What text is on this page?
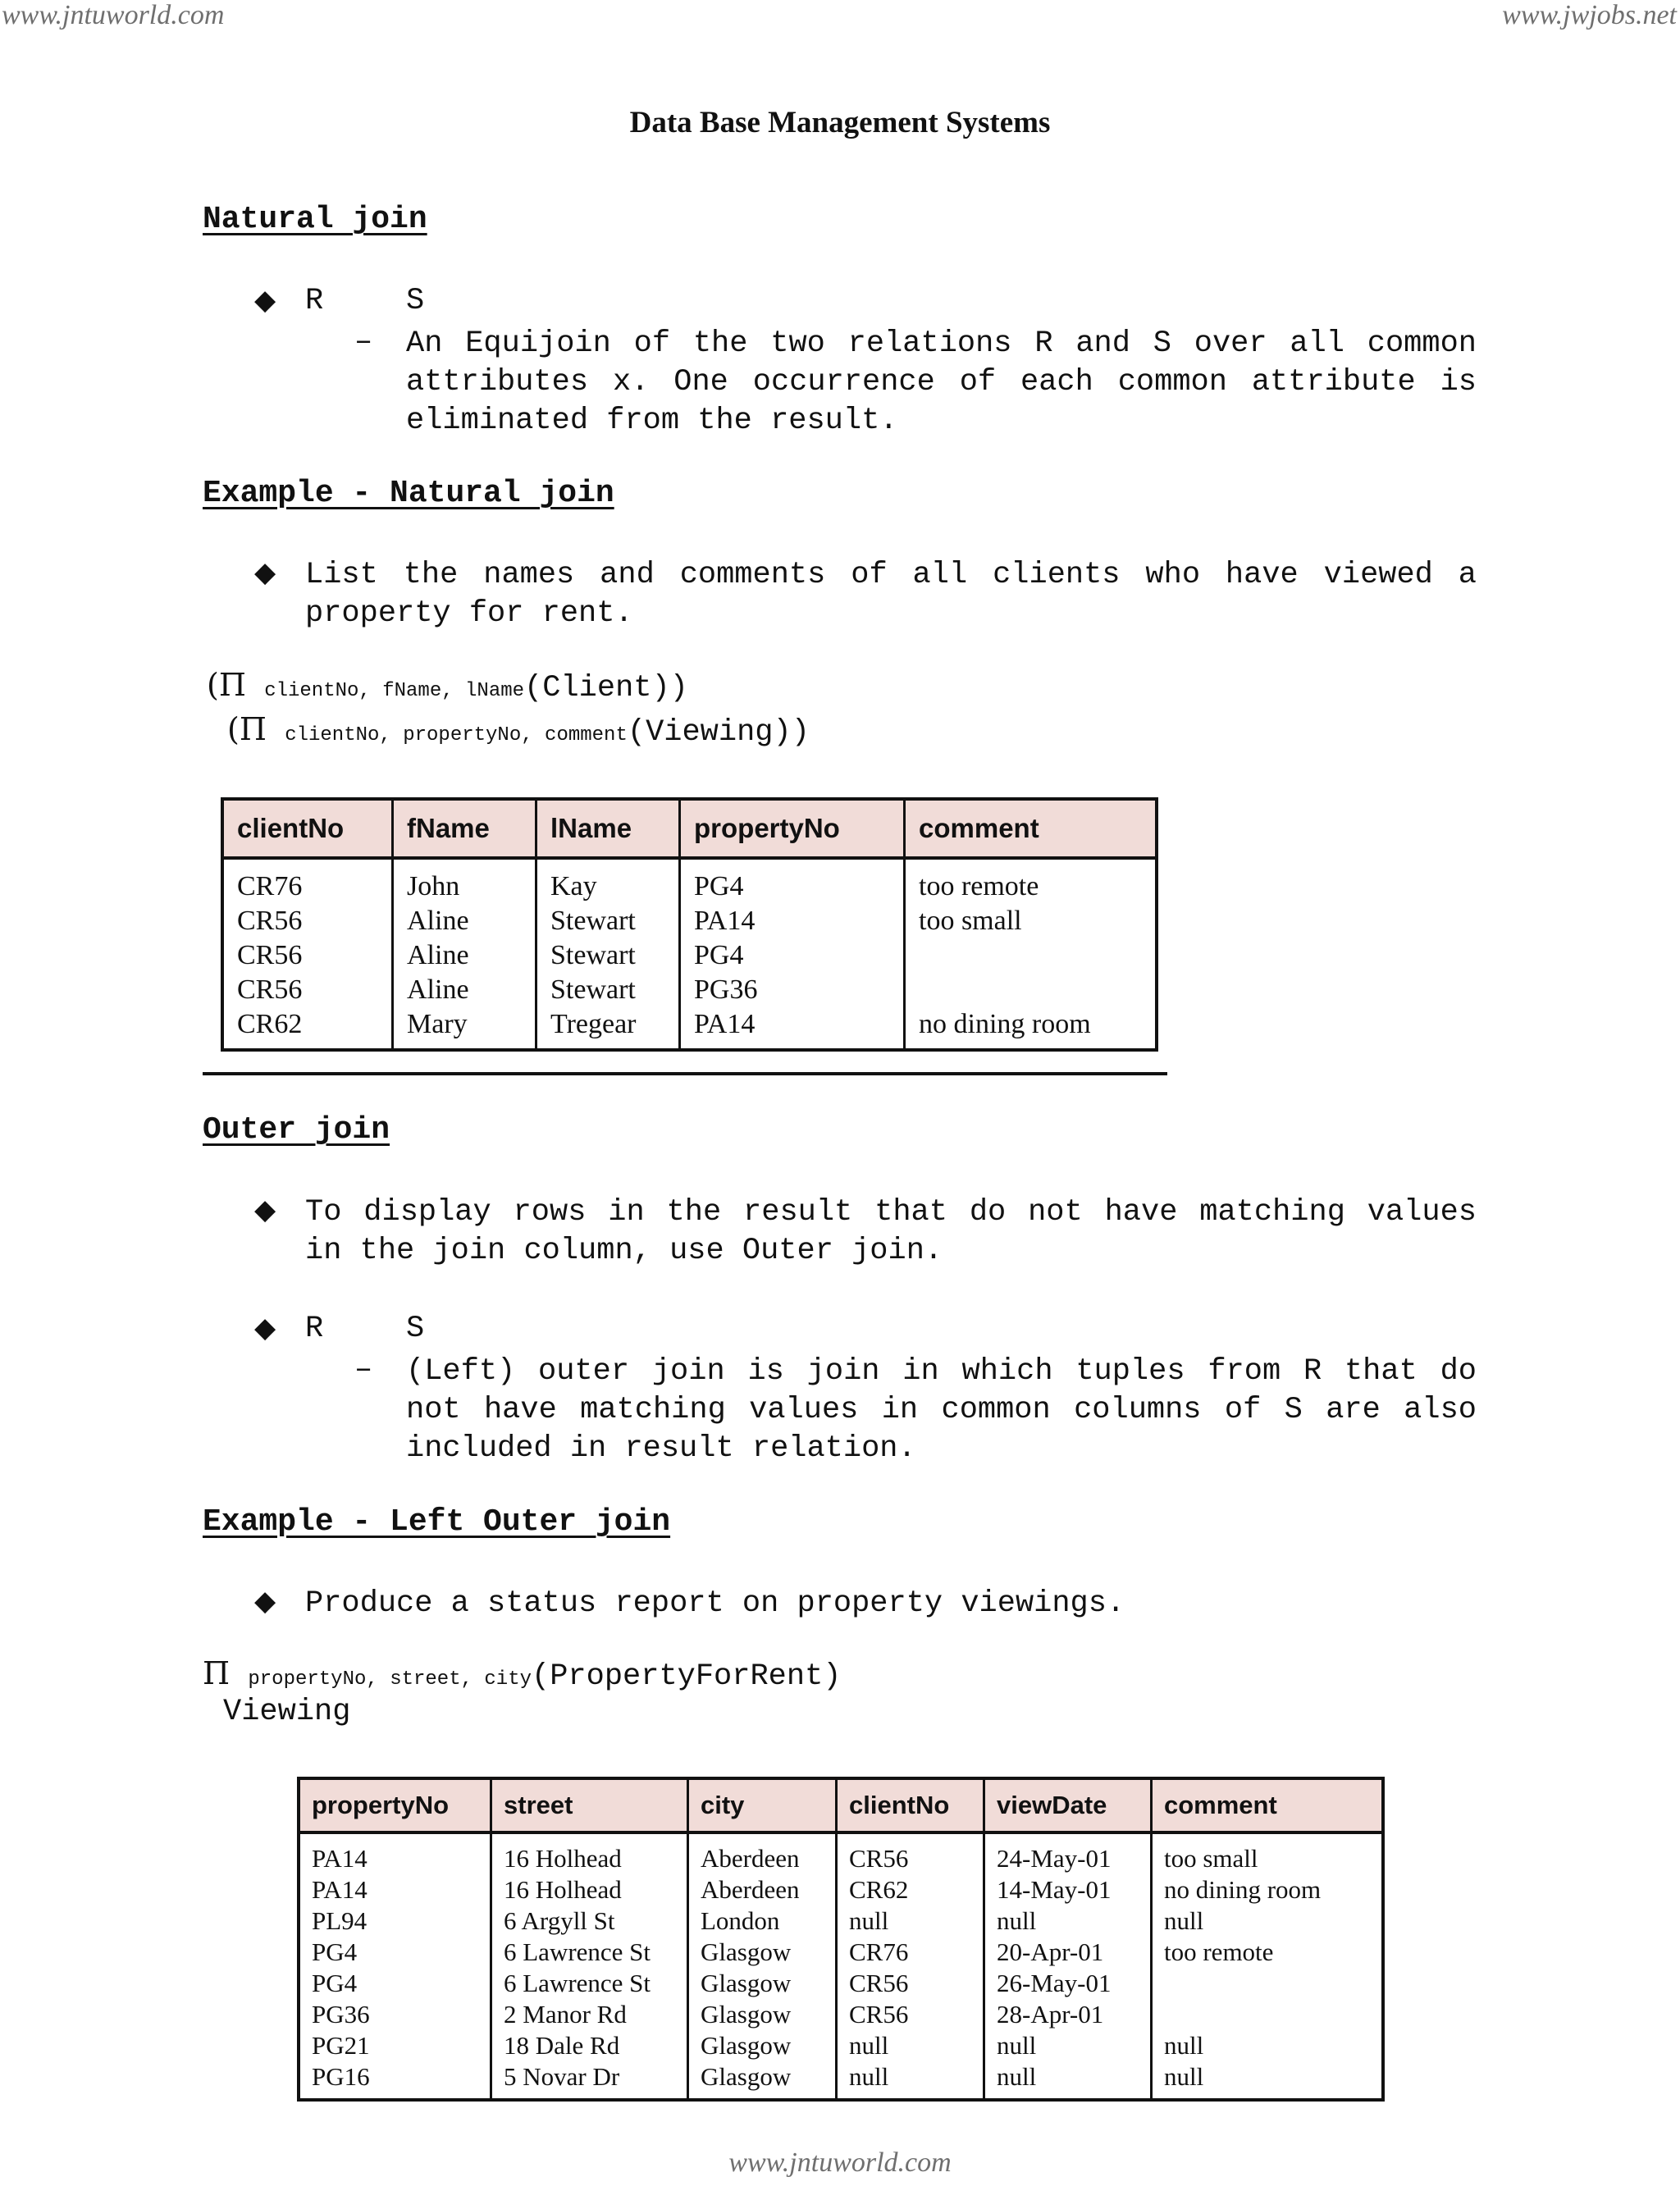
www.jntuworld.com	www.jwjobs.net
www.jntuworld.com
Data Base Management Systems
Natural join
◆ R	S
– An Equijoin of the two relations R and S over all common attributes x. One occurrence of each common attribute is eliminated from the result.
Example - Natural join
◆ List the names and comments of all clients who have viewed a property for rent.
(Π clientNo, fName, lName(Client))
(Π clientNo, propertyNo, comment(Viewing))
clientNo	fName	lName	propertyNo	comment
CR76	John	Kay	PG4	too remote
CR56	Aline	Stewart	PA14	too small
CR56	Aline	Stewart	PG4	
CR56	Aline	Stewart	PG36	
CR62	Mary	Tregear	PA14	no dining room
Outer join
◆ To display rows in the result that do not have matching values in the join column, use Outer join.
◆ R	S
– (Left) outer join is join in which tuples from R that do not have matching values in common columns of S are also included in result relation.
Example - Left Outer join
◆ Produce a status report on property viewings.
Π propertyNo, street, city(PropertyForRent)
Viewing
propertyNo	street	city	clientNo	viewDate	comment
PA14	16 Holhead	Aberdeen	CR56	24-May-01	too small
PA14	16 Holhead	Aberdeen	CR62	14-May-01	no dining room
PL94	6 Argyll St	London	null	null	null
PG4	6 Lawrence St	Glasgow	CR76	20-Apr-01	too remote
PG4	6 Lawrence St	Glasgow	CR56	26-May-01	
PG36	2 Manor Rd	Glasgow	CR56	28-Apr-01	
PG21	18 Dale Rd	Glasgow	null	null	null
PG16	5 Novar Dr	Glasgow	null	null	null
